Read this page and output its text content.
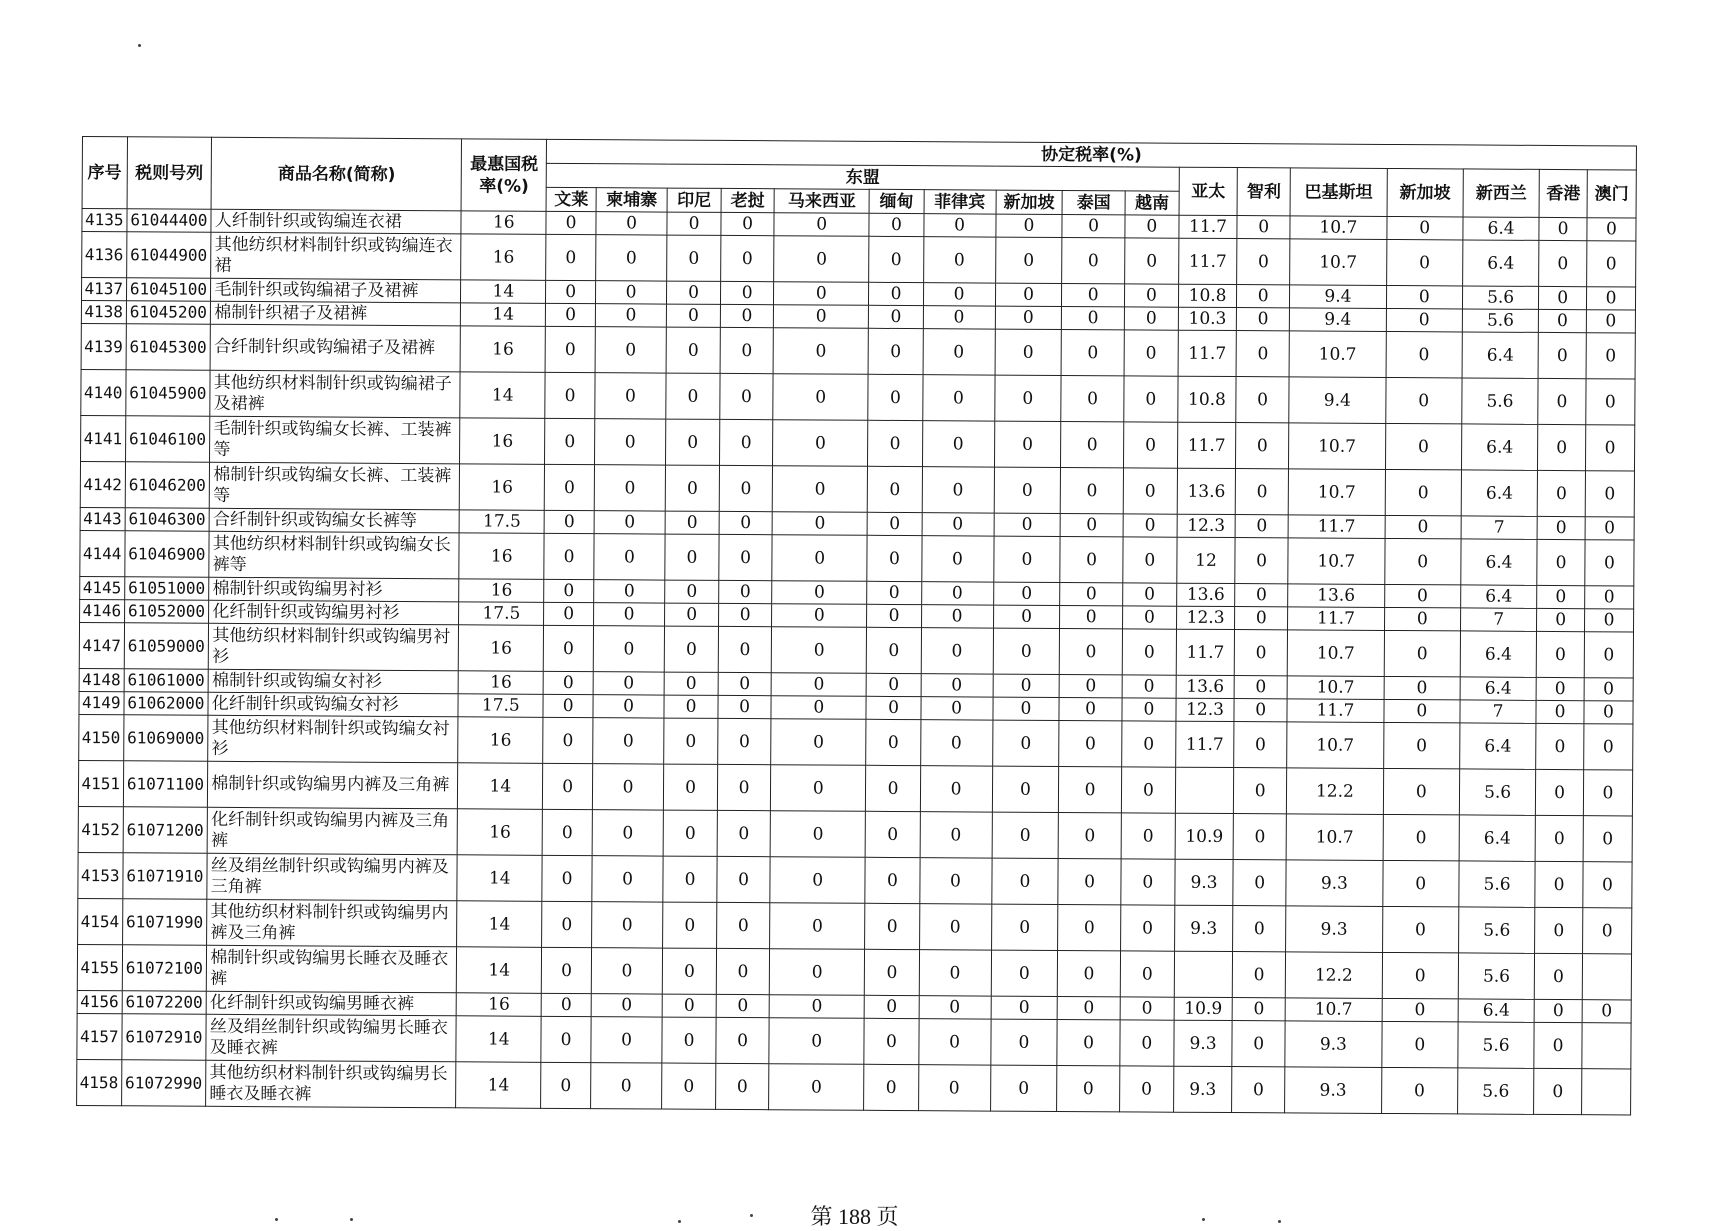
序号	税则号列	商品名称(简称)	最惠国税率(%)	协定税率(%)																
				东盟										亚太	智利	巴基斯坦	新加坡	新西兰	香港	澳门
				文莱	柬埔寨	印尼	老挝	马来西亚	缅甸	菲律宾	新加坡	泰国	越南							
4135	61044400	人纤制针织或钩编连衣裙	16	0	0	0	0	0	0	0	0	0	0	11.7	0	10.7	0	6.4	0	0
4136	61044900	其他纺织材料制针织或钩编连衣裙	16	0	0	0	0	0	0	0	0	0	0	11.7	0	10.7	0	6.4	0	0
4137	61045100	毛制针织或钩编裙子及裙裤	14	0	0	0	0	0	0	0	0	0	0	10.8	0	9.4	0	5.6	0	0
4138	61045200	棉制针织裙子及裙裤	14	0	0	0	0	0	0	0	0	0	0	10.3	0	9.4	0	5.6	0	0
4139	61045300	合纤制针织或钩编裙子及裙裤	16	0	0	0	0	0	0	0	0	0	0	11.7	0	10.7	0	6.4	0	0
4140	61045900	其他纺织材料制针织或钩编裙子及裙裤	14	0	0	0	0	0	0	0	0	0	0	10.8	0	9.4	0	5.6	0	0
4141	61046100	毛制针织或钩编女长裤、工装裤等	16	0	0	0	0	0	0	0	0	0	0	11.7	0	10.7	0	6.4	0	0
4142	61046200	棉制针织或钩编女长裤、工装裤等	16	0	0	0	0	0	0	0	0	0	0	13.6	0	10.7	0	6.4	0	0
4143	61046300	合纤制针织或钩编女长裤等	17.5	0	0	0	0	0	0	0	0	0	0	12.3	0	11.7	0	7	0	0
4144	61046900	其他纺织材料制针织或钩编女长裤等	16	0	0	0	0	0	0	0	0	0	0	12	0	10.7	0	6.4	0	0
4145	61051000	棉制针织或钩编男衬衫	16	0	0	0	0	0	0	0	0	0	0	13.6	0	13.6	0	6.4	0	0
4146	61052000	化纤制针织或钩编男衬衫	17.5	0	0	0	0	0	0	0	0	0	0	12.3	0	11.7	0	7	0	0
4147	61059000	其他纺织材料制针织或钩编男衬衫	16	0	0	0	0	0	0	0	0	0	0	11.7	0	10.7	0	6.4	0	0
4148	61061000	棉制针织或钩编女衬衫	16	0	0	0	0	0	0	0	0	0	0	13.6	0	10.7	0	6.4	0	0
4149	61062000	化纤制针织或钩编女衬衫	17.5	0	0	0	0	0	0	0	0	0	0	12.3	0	11.7	0	7	0	0
4150	61069000	其他纺织材料制针织或钩编女衬衫	16	0	0	0	0	0	0	0	0	0	0	11.7	0	10.7	0	6.4	0	0
4151	61071100	棉制针织或钩编男内裤及三角裤	14	0	0	0	0	0	0	0	0	0	0		0	12.2	0	5.6	0	0
4152	61071200	化纤制针织或钩编男内裤及三角裤	16	0	0	0	0	0	0	0	0	0	0	10.9	0	10.7	0	6.4	0	0
4153	61071910	丝及绢丝制针织或钩编男内裤及三角裤	14	0	0	0	0	0	0	0	0	0	0	9.3	0	9.3	0	5.6	0	0
4154	61071990	其他纺织材料制针织或钩编男内裤及三角裤	14	0	0	0	0	0	0	0	0	0	0	9.3	0	9.3	0	5.6	0	0
4155	61072100	棉制针织或钩编男长睡衣及睡衣裤	14	0	0	0	0	0	0	0	0	0	0		0	12.2	0	5.6	0	
4156	61072200	化纤制针织或钩编男睡衣裤	16	0	0	0	0	0	0	0	0	0	0	10.9	0	10.7	0	6.4	0	0
4157	61072910	丝及绢丝制针织或钩编男长睡衣及睡衣裤	14	0	0	0	0	0	0	0	0	0	0	9.3	0	9.3	0	5.6	0	
4158	61072990	其他纺织材料制针织或钩编男长睡衣及睡衣裤	14	0	0	0	0	0	0	0	0	0	0	9.3	0	9.3	0	5.6	0	
第 188 页
